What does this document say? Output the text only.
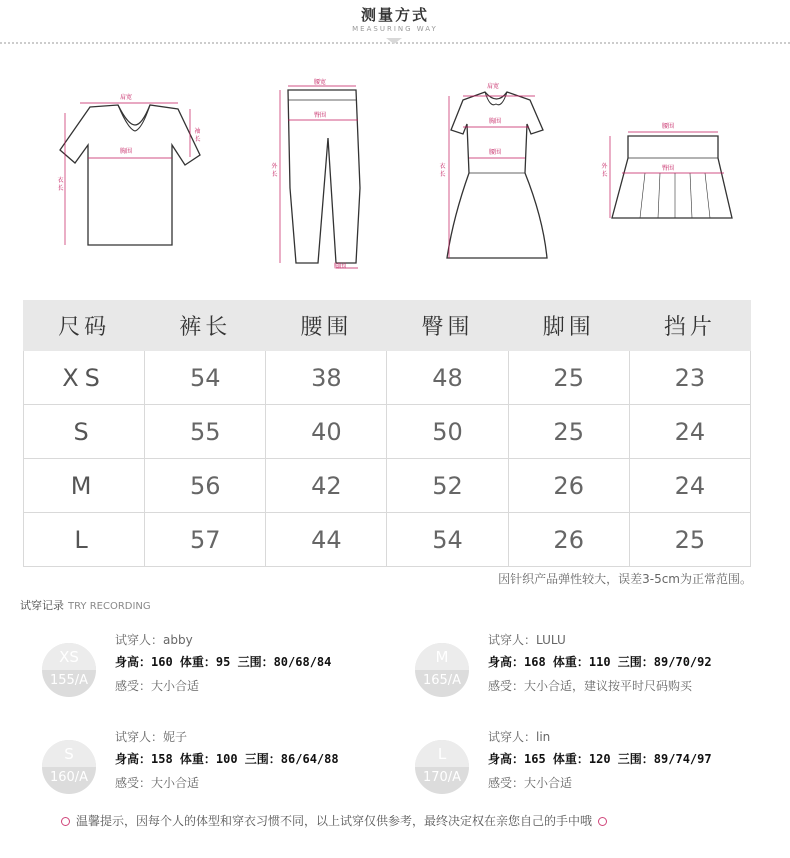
测量方式
MEASURING WAY
肩宽
袖长
胸围
衣长
腰宽
臀围
外长
脚围
肩宽
胸围
腰围
衣长
腰围
臀围
外长
尺码	裤长	腰围	臀围	脚围	挡片
XS	54	38	48	25	23
S	55	40	50	25	24
M	56	42	52	26	24
L	57	44	54	26	25
因针织产品弹性较大，误差3-5cm为正常范围。
试穿记录 TRY RECORDING
XS
155/A
试穿人：abby
身高：160 体重：95 三围：80/68/84
感受：大小合适
M
165/A
试穿人：LULU
身高：168 体重：110 三围：89/70/92
感受：大小合适，建议按平时尺码购买
S
160/A
试穿人：妮子
身高：158 体重：100 三围：86/64/88
感受：大小合适
L
170/A
试穿人：lin
身高：165 体重：120 三围：89/74/97
感受：大小合适
温馨提示，因每个人的体型和穿衣习惯不同，以上试穿仅供参考，最终决定权在亲您自己的手中哦
